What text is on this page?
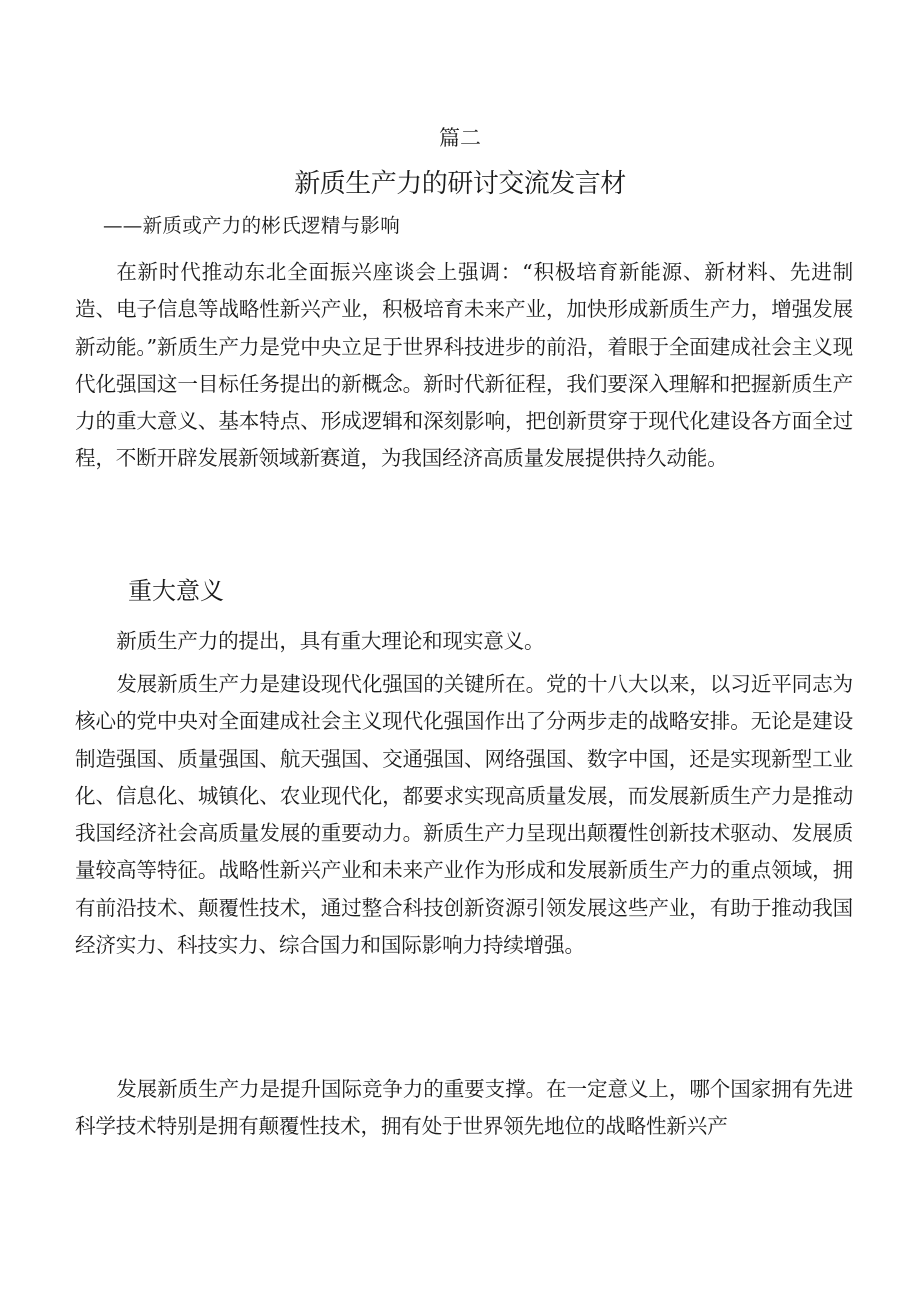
篇二
新质生产力的研讨交流发言材
——新质或产力的彬氏逻精与影响

在新时代推动东北全面振兴座谈会上强调：“积极培育新能源、新材料、先进制造、电子信息等战略性新兴产业，积极培育未来产业，加快形成新质生产力，增强发展新动能。”新质生产力是党中央立足于世界科技进步的前沿，着眼于全面建成社会主义现代化强国这一目标任务提出的新概念。新时代新征程，我们要深入理解和把握新质生产力的重大意义、基本特点、形成逻辑和深刻影响，把创新贯穿于现代化建设各方面全过程，不断开辟发展新领域新赛道，为我国经济高质量发展提供持久动能。

重大意义

新质生产力的提出，具有重大理论和现实意义。

发展新质生产力是建设现代化强国的关键所在。党的十八大以来，以习近平同志为核心的党中央对全面建成社会主义现代化强国作出了分两步走的战略安排。无论是建设制造强国、质量强国、航天强国、交通强国、网络强国、数字中国，还是实现新型工业化、信息化、城镇化、农业现代化，都要求实现高质量发展，而发展新质生产力是推动我国经济社会高质量发展的重要动力。新质生产力呈现出颠覆性创新技术驱动、发展质量较高等特征。战略性新兴产业和未来产业作为形成和发展新质生产力的重点领域，拥有前沿技术、颠覆性技术，通过整合科技创新资源引领发展这些产业，有助于推动我国经济实力、科技实力、综合国力和国际影响力持续增强。

发展新质生产力是提升国际竞争力的重要支撑。在一定意义上，哪个国家拥有先进科学技术特别是拥有颠覆性技术，拥有处于世界领先地位的战略性新兴产
